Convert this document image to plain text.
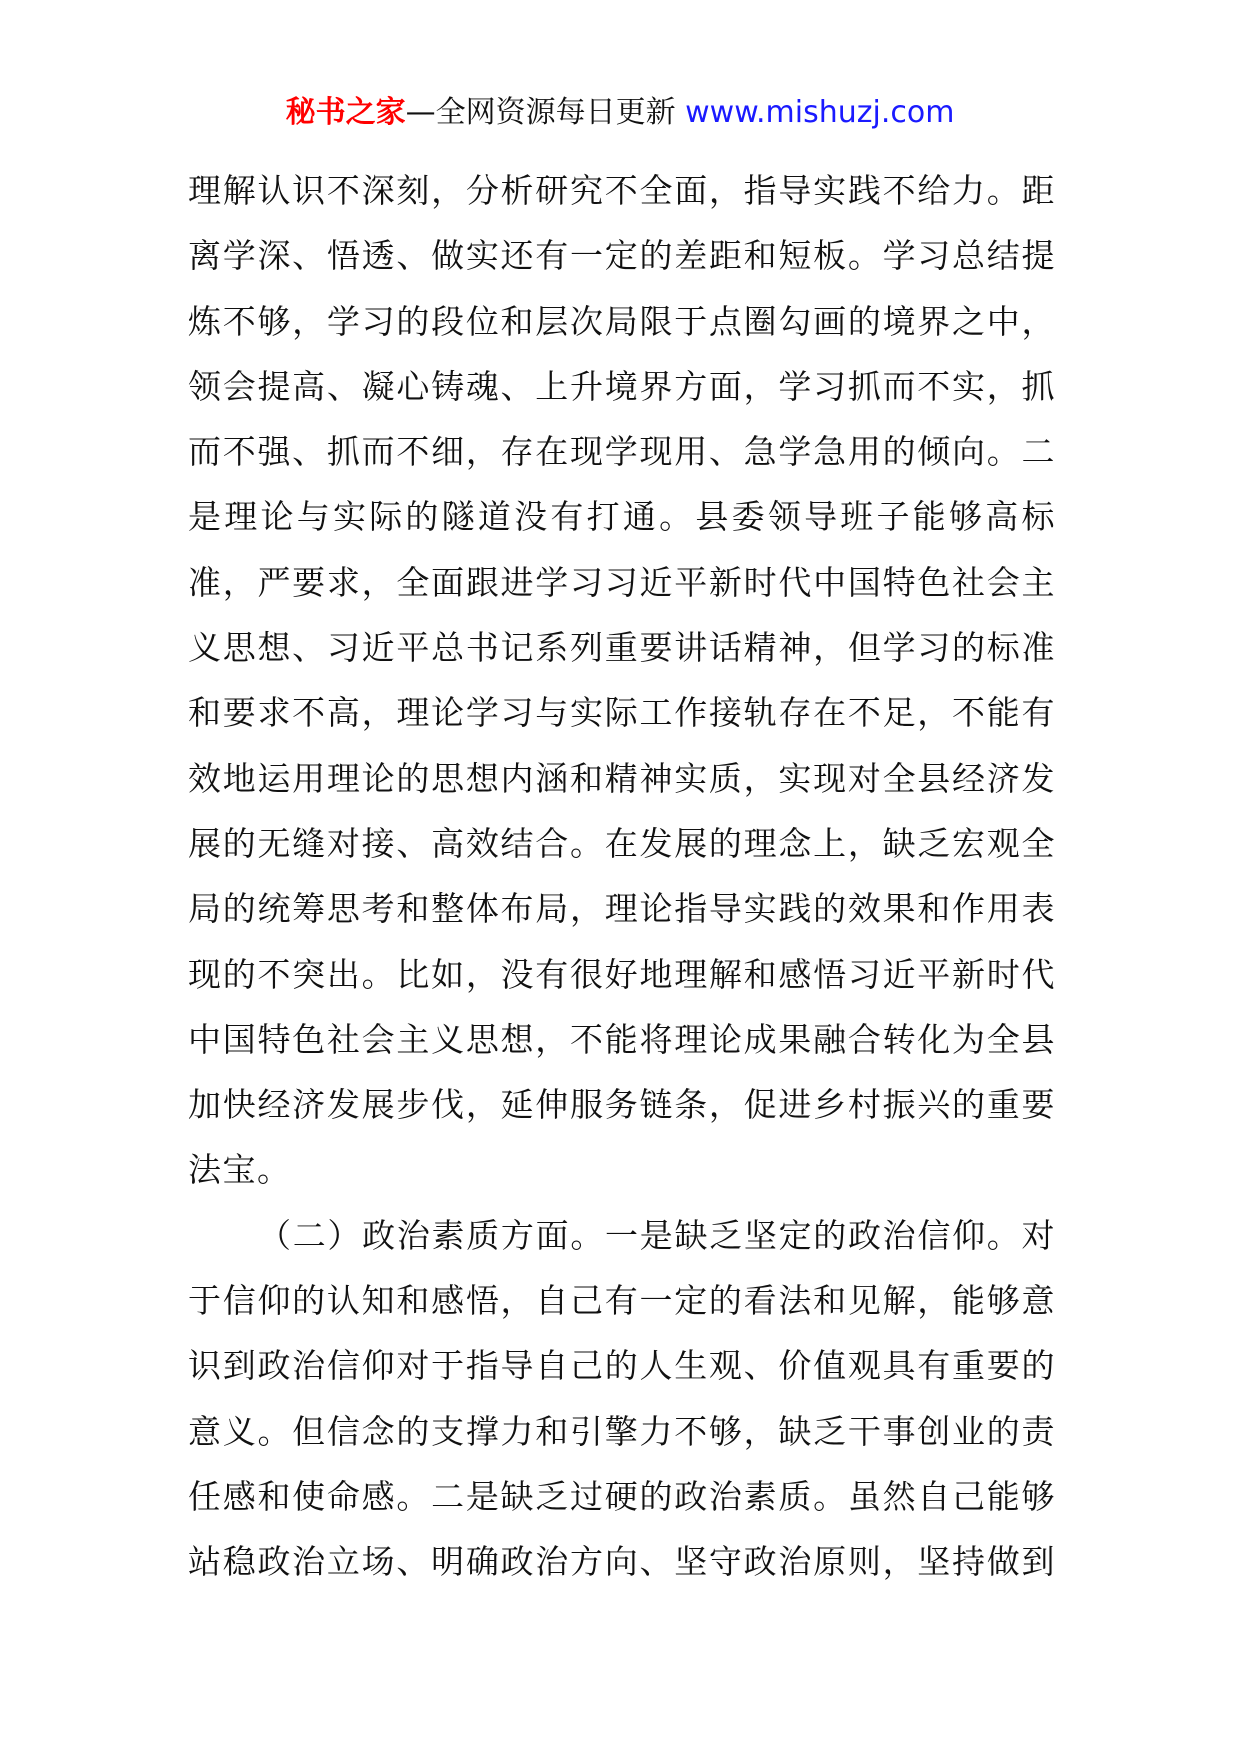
秘书之家—全网资源每日更新 www.mishuzj.com
理解认识不深刻，分析研究不全面，指导实践不给力。距
离学深、悟透、做实还有一定的差距和短板。学习总结提
炼不够，学习的段位和层次局限于点圈勾画的境界之中，
领会提高、凝心铸魂、上升境界方面，学习抓而不实，抓
而不强、抓而不细，存在现学现用、急学急用的倾向。二
是理论与实际的隧道没有打通。县委领导班子能够高标
准，严要求，全面跟进学习习近平新时代中国特色社会主
义思想、习近平总书记系列重要讲话精神，但学习的标准
和要求不高，理论学习与实际工作接轨存在不足，不能有
效地运用理论的思想内涵和精神实质，实现对全县经济发
展的无缝对接、高效结合。在发展的理念上，缺乏宏观全
局的统筹思考和整体布局，理论指导实践的效果和作用表
现的不突出。比如，没有很好地理解和感悟习近平新时代
中国特色社会主义思想，不能将理论成果融合转化为全县
加快经济发展步伐，延伸服务链条，促进乡村振兴的重要
法宝。
（二）政治素质方面。一是缺乏坚定的政治信仰。对
于信仰的认知和感悟，自己有一定的看法和见解，能够意
识到政治信仰对于指导自己的人生观、价值观具有重要的
意义。但信念的支撑力和引擎力不够，缺乏干事创业的责
任感和使命感。二是缺乏过硬的政治素质。虽然自己能够
站稳政治立场、明确政治方向、坚守政治原则，坚持做到
